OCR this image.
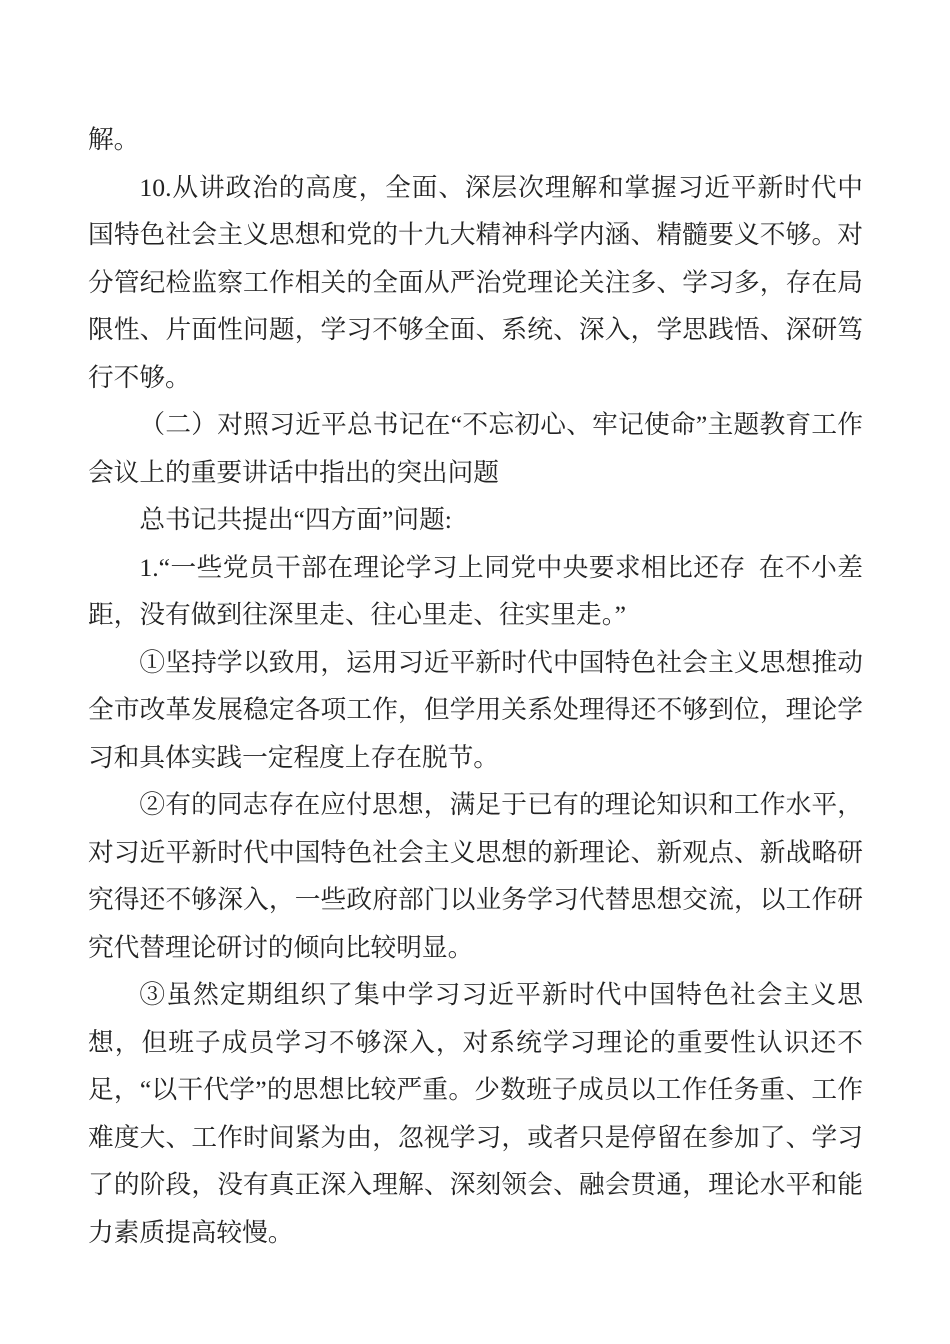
解。

10.从讲政治的高度，全面、深层次理解和掌握习近平新时代中国特色社会主义思想和党的十九大精神科学内涵、精髓要义不够。对分管纪检监察工作相关的全面从严治党理论关注多、学习多，存在局限性、片面性问题，学习不够全面、系统、深入，学思践悟、深研笃行不够。

（二）对照习近平总书记在“不忘初心、牢记使命”主题教育工作会议上的重要讲话中指出的突出问题

总书记共提出“四方面”问题:

1.“一些党员干部在理论学习上同党中央要求相比还存 在不小差距，没有做到往深里走、往心里走、往实里走。”

①坚持学以致用，运用习近平新时代中国特色社会主义思想推动全市改革发展稳定各项工作，但学用关系处理得还不够到位，理论学习和具体实践一定程度上存在脱节。

②有的同志存在应付思想，满足于已有的理论知识和工作水平，对习近平新时代中国特色社会主义思想的新理论、新观点、新战略研究得还不够深入，一些政府部门以业务学习代替思想交流，以工作研究代替理论研讨的倾向比较明显。

③虽然定期组织了集中学习习近平新时代中国特色社会主义思想，但班子成员学习不够深入，对系统学习理论的重要性认识还不足，“以干代学”的思想比较严重。少数班子成员以工作任务重、工作难度大、工作时间紧为由，忽视学习，或者只是停留在参加了、学习了的阶段，没有真正深入理解、深刻领会、融会贯通，理论水平和能力素质提高较慢。
